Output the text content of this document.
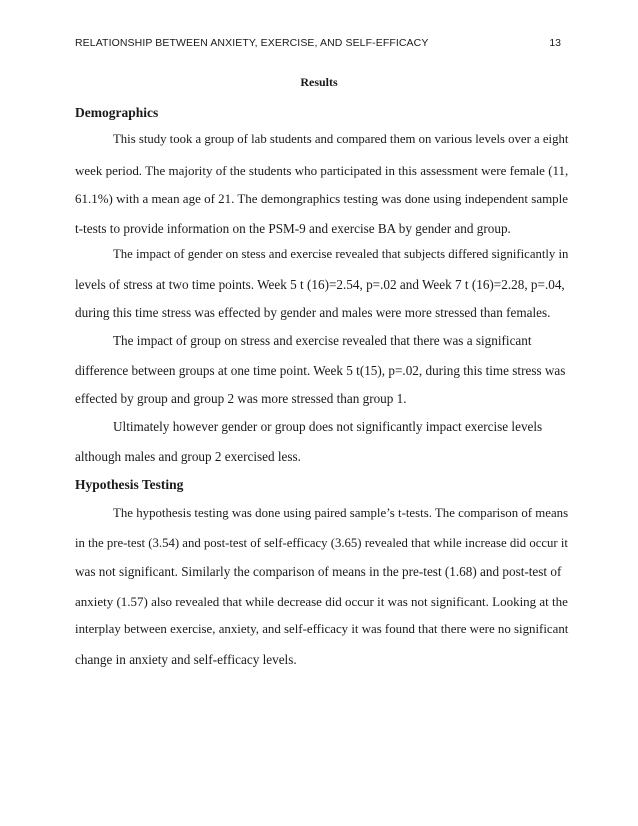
RELATIONSHIP BETWEEN ANXIETY, EXERCISE, AND SELF-EFFICACY	13
Results
Demographics
This study took a group of lab students and compared them on various levels over a eight
week period. The majority of the students who participated in this assessment were female (11,
61.1%) with a mean age of 21. The demongraphics testing was done using independent sample
t-tests to provide information on the PSM-9 and exercise BA by gender and group.
The impact of gender on stess and exercise revealed that subjects differed significantly in
levels of stress at two time points. Week 5 t (16)=2.54, p=.02 and Week 7 t (16)=2.28, p=.04,
during this time stress was effected by gender and males were more stressed than females.
The impact of group on stress and exercise revealed that there was a significant
difference between groups at one time point. Week 5 t(15), p=.02, during this time stress was
effected by group and group 2 was more stressed than group 1.
Ultimately however gender or group does not significantly impact exercise levels
although males and group 2 exercised less.
Hypothesis Testing
The hypothesis testing was done using paired sample’s t-tests. The comparison of means
in the pre-test (3.54) and post-test of self-efficacy (3.65) revealed that while increase did occur it
was not significant. Similarly the comparison of means in the pre-test (1.68) and post-test of
anxiety (1.57) also revealed that while decrease did occur it was not significant. Looking at the
interplay between exercise, anxiety, and self-efficacy it was found that there were no significant
change in anxiety and self-efficacy levels.
